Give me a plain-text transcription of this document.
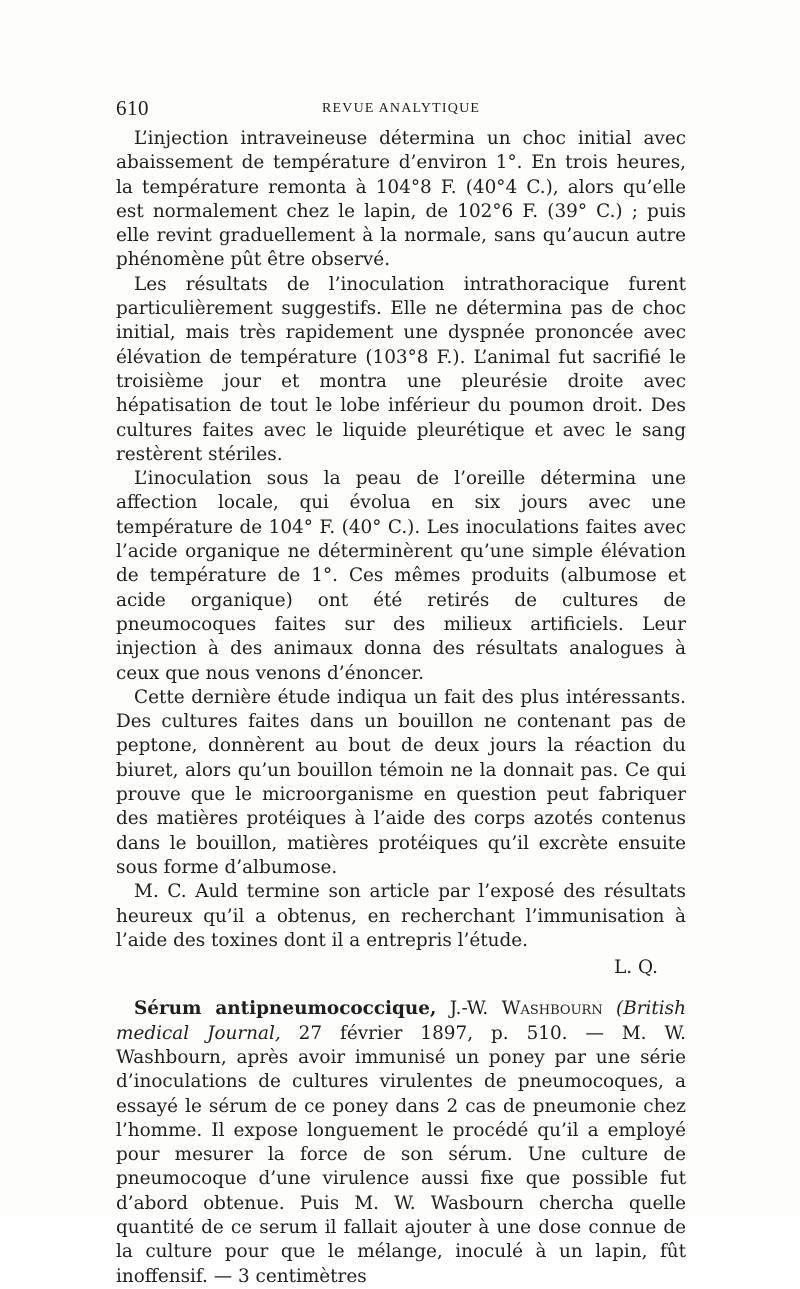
610	REVUE ANALYTIQUE

L’injection intraveineuse détermina un choc initial avec abaissement de température d’environ 1°. En trois heures, la température remonta à 104°8 F. (40°4 C.), alors qu’elle est normalement chez le lapin, de 102°6 F. (39° C.) ; puis elle revint graduellement à la normale, sans qu’aucun autre phénomène pût être observé.

Les résultats de l’inoculation intrathoracique furent particulièrement suggestifs. Elle ne détermina pas de choc initial, mais très rapidement une dyspnée prononcée avec élévation de température (103°8 F.). L’animal fut sacrifié le troisième jour et montra une pleurésie droite avec hépatisation de tout le lobe inférieur du poumon droit. Des cultures faites avec le liquide pleurétique et avec le sang restèrent stériles.

L’inoculation sous la peau de l’oreille détermina une affection locale, qui évolua en six jours avec une température de 104° F. (40° C.). Les inoculations faites avec l’acide organique ne déterminèrent qu’une simple élévation de température de 1°. Ces mêmes produits (albumose et acide organique) ont été retirés de cultures de pneumocoques faites sur des milieux artificiels. Leur injection à des animaux donna des résultats analogues à ceux que nous venons d’énoncer.

Cette dernière étude indiqua un fait des plus intéressants. Des cultures faites dans un bouillon ne contenant pas de peptone, donnèrent au bout de deux jours la réaction du biuret, alors qu’un bouillon témoin ne la donnait pas. Ce qui prouve que le microorganisme en question peut fabriquer des matières protéiques à l’aide des corps azotés contenus dans le bouillon, matières protéiques qu’il excrète ensuite sous forme d’albumose.

M. C. Auld termine son article par l’exposé des résultats heureux qu’il a obtenus, en recherchant l’immunisation à l’aide des toxines dont il a entrepris l’étude.

L. Q.

Sérum antipneumococcique, J.-W. Washbourn (British medical Journal, 27 février 1897, p. 510. — M. W. Washbourn, après avoir immunisé un poney par une série d’inoculations de cultures virulentes de pneumocoques, a essayé le sérum de ce poney dans 2 cas de pneumonie chez l’homme. Il expose longuement le procédé qu’il a employé pour mesurer la force de son sérum. Une culture de pneumocoque d’une virulence aussi fixe que possible fut d’abord obtenue. Puis M. W. Wasbourn chercha quelle quantité de ce serum il fallait ajouter à une dose connue de la culture pour que le mélange, inoculé à un lapin, fût inoffensif. — 3 centimètres
